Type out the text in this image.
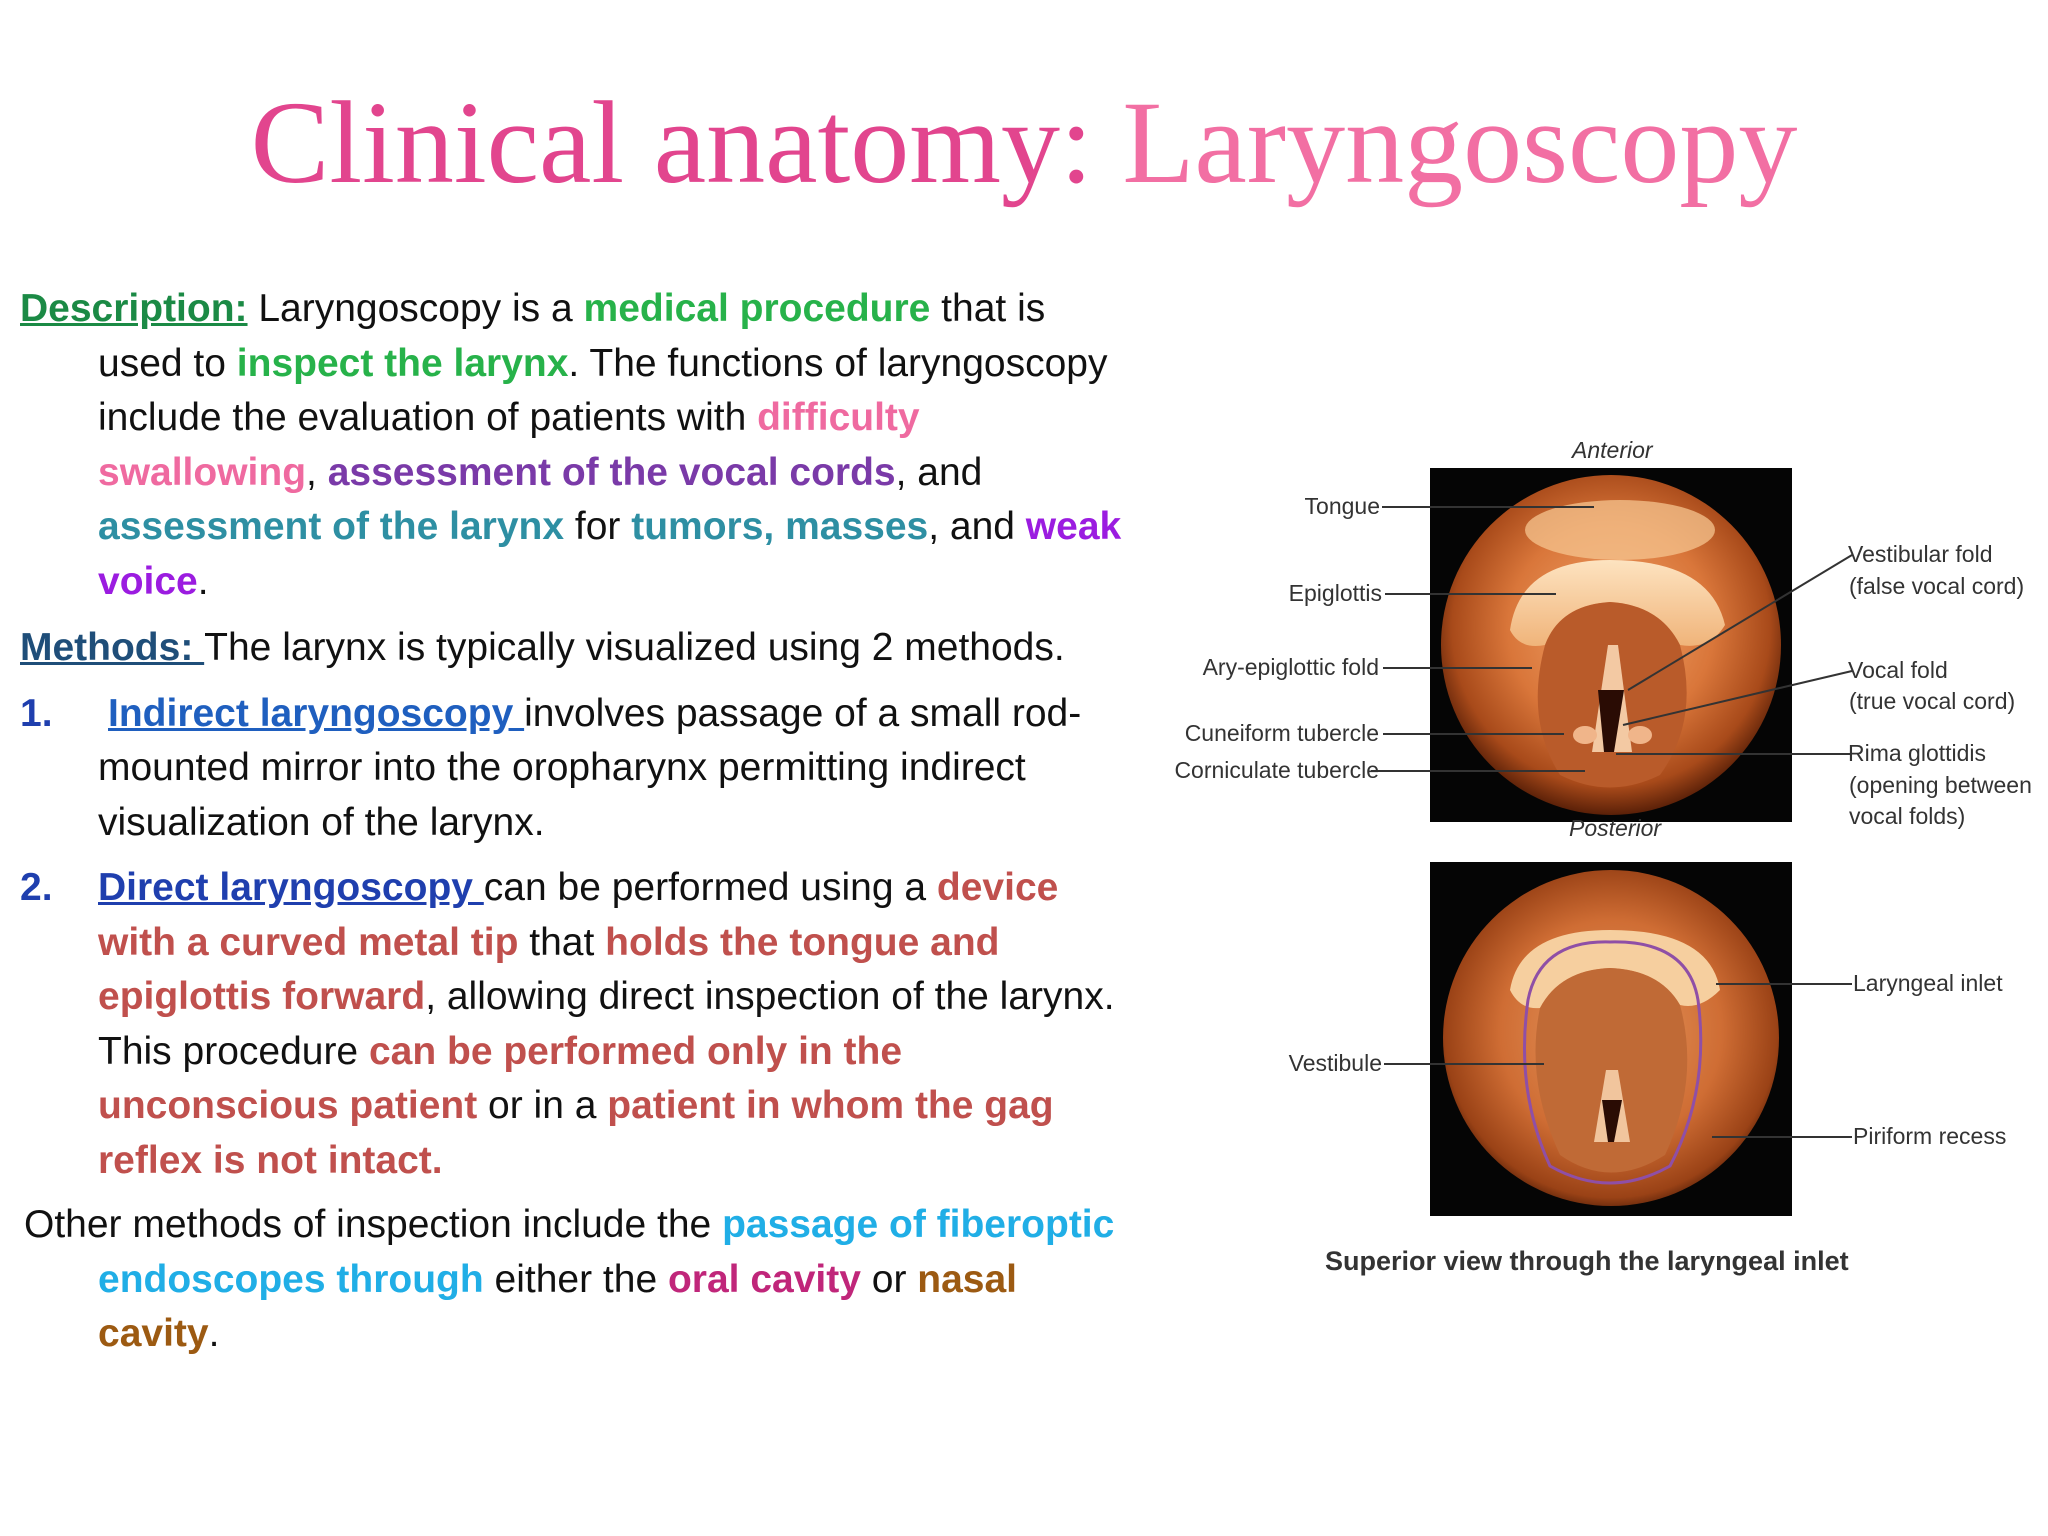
Clinical anatomy: Laryngoscopy

Description: Laryngoscopy is a medical procedure that is used to inspect the larynx. The functions of laryngoscopy include the evaluation of patients with difficulty swallowing, assessment of the vocal cords, and assessment of the larynx for tumors, masses, and weak voice.

Methods: The larynx is typically visualized using 2 methods.

1. Indirect laryngoscopy involves passage of a small rod-mounted mirror into the oropharynx permitting indirect visualization of the larynx.

2. Direct laryngoscopy can be performed using a device with a curved metal tip that holds the tongue and epiglottis forward, allowing direct inspection of the larynx. This procedure can be performed only in the unconscious patient or in a patient in whom the gag reflex is not intact.

Other methods of inspection include the passage of fiberoptic endoscopes through either the oral cavity or nasal cavity.

Anterior
Posterior
Tongue
Epiglottis
Ary-epiglottic fold
Cuneiform tubercle
Corniculate tubercle
Vestibular fold
(false vocal cord)
Vocal fold
(true vocal cord)
Rima glottidis
(opening between
vocal folds)
Laryngeal inlet
Vestibule
Piriform recess
Superior view through the laryngeal inlet
